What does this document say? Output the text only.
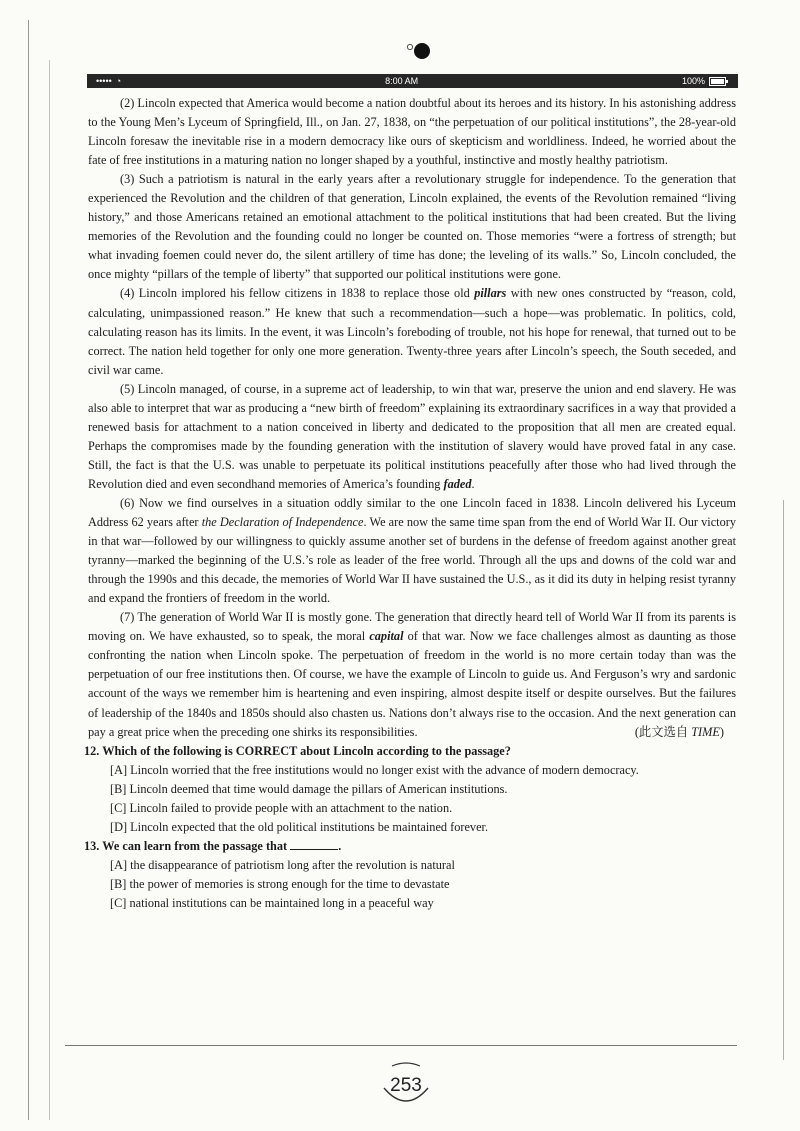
••••• ◔	8:00 AM	100%

(2) Lincoln expected that America would become a nation doubtful about its heroes and its history. In his astonishing address to the Young Men’s Lyceum of Springfield, Ill., on Jan. 27, 1838, on “the perpetuation of our political institutions”, the 28-year-old Lincoln foresaw the inevitable rise in a modern democracy like ours of skepticism and worldliness. Indeed, he worried about the fate of free institutions in a maturing nation no longer shaped by a youthful, instinctive and mostly healthy patriotism.

(3) Such a patriotism is natural in the early years after a revolutionary struggle for independence. To the generation that experienced the Revolution and the children of that generation, Lincoln explained, the events of the Revolution remained “living history,” and those Americans retained an emotional attachment to the political institutions that had been created. But the living memories of the Revolution and the founding could no longer be counted on. Those memories “were a fortress of strength; but what invading foemen could never do, the silent artillery of time has done; the leveling of its walls.” So, Lincoln concluded, the once mighty “pillars of the temple of liberty” that supported our political institutions were gone.

(4) Lincoln implored his fellow citizens in 1838 to replace those old pillars with new ones constructed by “reason, cold, calculating, unimpassioned reason.” He knew that such a recommendation—such a hope—was problematic. In politics, cold, calculating reason has its limits. In the event, it was Lincoln’s foreboding of trouble, not his hope for renewal, that turned out to be correct. The nation held together for only one more generation. Twenty-three years after Lincoln’s speech, the South seceded, and civil war came.

(5) Lincoln managed, of course, in a supreme act of leadership, to win that war, preserve the union and end slavery. He was also able to interpret that war as producing a “new birth of freedom” explaining its extraordinary sacrifices in a way that provided a renewed basis for attachment to a nation conceived in liberty and dedicated to the proposition that all men are created equal. Perhaps the compromises made by the founding generation with the institution of slavery would have proved fatal in any case. Still, the fact is that the U.S. was unable to perpetuate its political institutions peacefully after those who had lived through the Revolution died and even secondhand memories of America’s founding faded.

(6) Now we find ourselves in a situation oddly similar to the one Lincoln faced in 1838. Lincoln delivered his Lyceum Address 62 years after the Declaration of Independence. We are now the same time span from the end of World War II. Our victory in that war—followed by our willingness to quickly assume another set of burdens in the defense of freedom against another great tyranny—marked the beginning of the U.S.’s role as leader of the free world. Through all the ups and downs of the cold war and through the 1990s and this decade, the memories of World War II have sustained the U.S., as it did its duty in helping resist tyranny and expand the frontiers of freedom in the world.

(7) The generation of World War II is mostly gone. The generation that directly heard tell of World War II from its parents is moving on. We have exhausted, so to speak, the moral capital of that war. Now we face challenges almost as daunting as those confronting the nation when Lincoln spoke. The perpetuation of freedom in the world is no more certain today than was the perpetuation of our free institutions then. Of course, we have the example of Lincoln to guide us. And Ferguson’s wry and sardonic account of the ways we remember him is heartening and even inspiring, almost despite itself or despite ourselves. But the failures of leadership of the 1840s and 1850s should also chasten us. Nations don’t always rise to the occasion. And the next generation can pay a great price when the preceding one shirks its responsibilities.	(此文选自 TIME)

12. Which of the following is CORRECT about Lincoln according to the passage?

[A] Lincoln worried that the free institutions would no longer exist with the advance of modern democracy.

[B] Lincoln deemed that time would damage the pillars of American institutions.

[C] Lincoln failed to provide people with an attachment to the nation.

[D] Lincoln expected that the old political institutions be maintained forever.

13. We can learn from the passage that	.

[A] the disappearance of patriotism long after the revolution is natural

[B] the power of memories is strong enough for the time to devastate

[C] national institutions can be maintained long in a peaceful way

253
